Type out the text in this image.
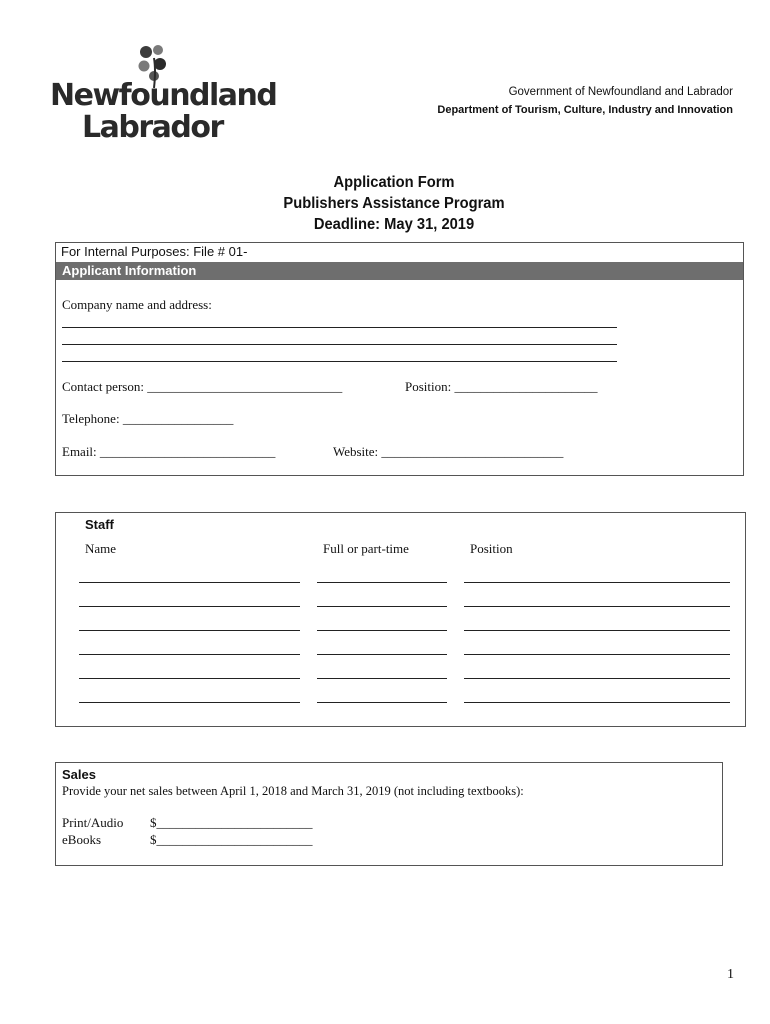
Newfoundland
Labrador
Government of Newfoundland and Labrador
Department of Tourism, Culture, Industry and Innovation
Application Form
Publishers Assistance Program
Deadline: May 31, 2019
For Internal Purposes: File # 01-
Applicant Information
Company name and address:
Contact person: ______________________________	Position: ______________________
Telephone: _________________
Email: ___________________________	Website: ____________________________
Staff
Name	Full or part-time	Position
Sales
Provide your net sales between April 1, 2018 and March 31, 2019 (not including textbooks):
Print/Audio $________________________
eBooks	$________________________
1
